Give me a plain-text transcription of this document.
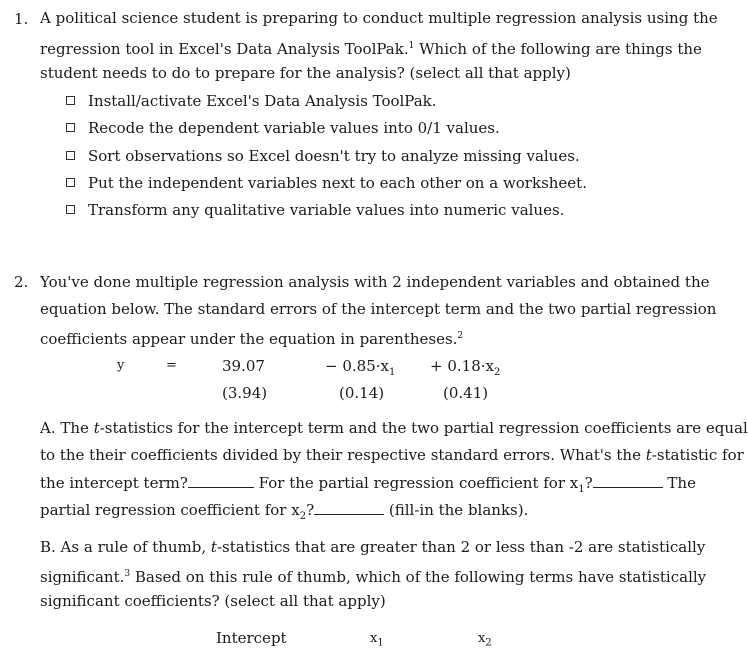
1. A political science student is preparing to conduct multiple regression analysis using the
regression tool in Excel's Data Analysis ToolPak.$^1$ Which of the following are things the
student needs to do to prepare for the analysis? (select all that apply)
Install/activate Excel's Data Analysis ToolPak.
Recode the dependent variable values into 0/1 values.
Sort observations so Excel doesn't try to analyze missing values.
Put the independent variables next to each other on a worksheet.
Transform any qualitative variable values into numeric values.
2. You've done multiple regression analysis with 2 independent variables and obtained the
equation below. The standard errors of the intercept term and the two partial regression
coefficients appear under the equation in parentheses.$^2$
y	=	39.07	− $0.85\cdot x_1 + 0.18\cdot x_2$
(3.94)	(0.14)	(0.41)
A. The t-statistics for the intercept term and the two partial regression coefficients are equal
to the their coefficients divided by their respective standard errors. What's the t-statistic for
the intercept term?	For the partial regression coefficient for $x_1$?	The
partial regression coefficient for $x_2$?	(fill-in the blanks).
B. As a rule of thumb, t-statistics that are greater than 2 or less than -2 are statistically
significant.$^3$ Based on this rule of thumb, which of the following terms have statistically
significant coefficients? (select all that apply)
Intercept	$x_1$	$x_2$
